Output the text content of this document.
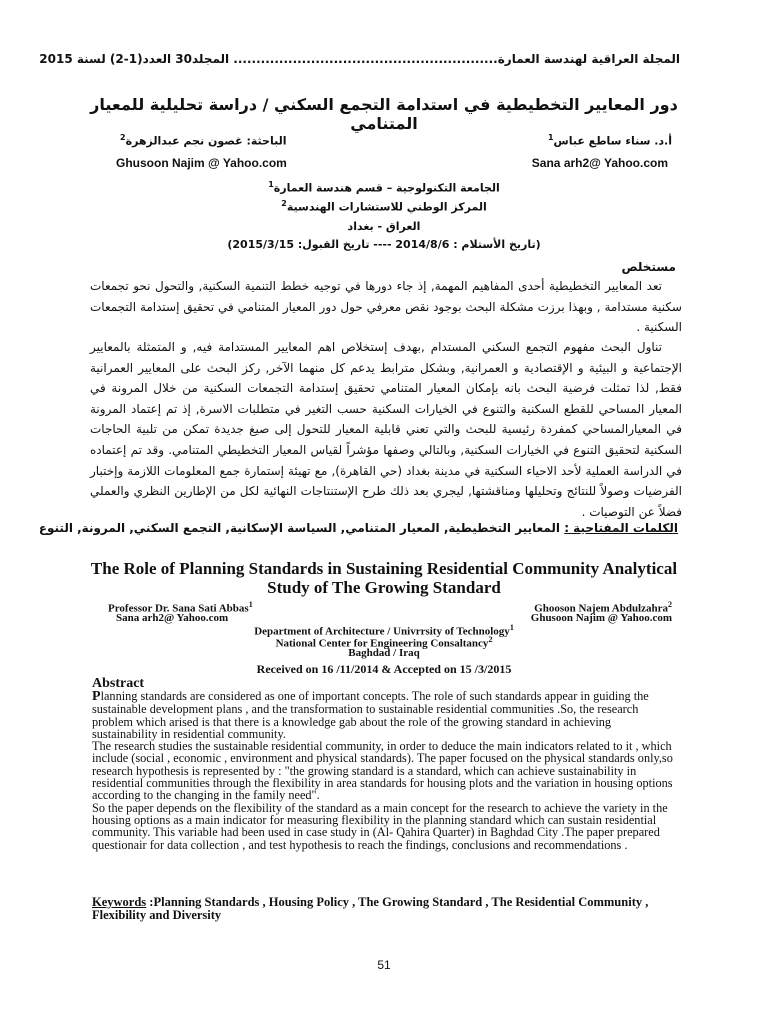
المجلة العراقية لهندسة العمارة.......................................................... المجلد30 العدد(1-2) لسنة 2015
دور المعايير التخطيطية في استدامة التجمع السكني / دراسة تحليلية للمعيار المتنامي
أ.د. سناء ساطع عباس$^1$
الباحثة: غصون نجم عبدالزهرة$^2$
Sana arh2@ Yahoo.com
Ghusoon Najim @ Yahoo.com
الجامعة التكنولوجية – قسم هندسة العمارة$^1$
المركز الوطني للاستشارات الهندسية$^2$
العراق - بغداد
(تاريخ الأستلام : 2014/8/6 ---- تاريخ القبول: 2015/3/15)
مستخلص
تعد المعايير التخطيطية أحدى المفاهيم المهمة, إذ جاء دورها في توجيه خطط التنمية السكنية, والتحول نحو تجمعات سكنية مستدامة , وبهذا برزت مشكلة البحث بوجود نقص معرفي حول دور المعيار المتنامي في تحقيق إستدامة التجمعات السكنية .
تناول البحث مفهوم التجمع السكني المستدام ,بهدف إستخلاص اهم المعايير المستدامة فيه, و المتمثلة بالمعايير الإجتماعية و البيئية و الإقتصادية و العمرانية, وبشكل مترابط يدعم كل منهما الآخر, ركز البحث على المعايير العمرانية فقط, لذا تمثلت فرضية البحث بانه بإمكان المعيار المتنامي تحقيق إستدامة التجمعات السكنية من خلال المرونة في المعيار المساحي للقطع السكنية والتنوع في الخيارات السكنية حسب التغير في متطلبات الاسرة, إذ تم إعتماد المرونة في المعيارالمساحي كمفردة رئيسية للبحث والتي تعني قابلية المعيار للتحول إلى صيغ جديدة تمكن من تلبية الحاجات السكنية لتحقيق التنوع في الخيارات السكنية, وبالتالي وصفها مؤشراً لقياس المعيار التخطيطي المتنامي. وقد تم إعتماده في الدراسة العملية لأحد الاحياء السكنية في مدينة بغداد (حي القاهرة), مع تهيئة إستمارة جمع المعلومات اللازمة وإختبار الفرضيات وصولاً للنتائج وتحليلها ومناقشتها, ليجري بعد ذلك طرح الإستنتاجات النهائية لكل من الإطارين النظري والعملي فضلاً عن التوصيات .
الكلمات المفتاحية : المعايير التخطيطية, المعيار المتنامي, السياسة الإسكانية, التجمع السكني, المرونة, التنوع
The Role of Planning Standards in Sustaining Residential Community Analytical Study of The Growing Standard
Professor Dr. Sana Sati Abbas$^1$	Ghooson Najem Abdulzahra$^2$
Sana arh2@ Yahoo.com	Ghusoon Najim @ Yahoo.com
Department of Architecture / Univrrsity of Technology$^1$
National Center for Engineering Consaltancy$^2$
Baghdad / Iraq
Received on 16 /11/2014 & Accepted on 15 /3/2015
Abstract

Planning standards are considered as one of important concepts. The role of such standards appear in guiding the sustainable development plans , and the transformation to sustainable residential communities .So, the research problem which arised is that there is a knowledge gab about the role of the growing standard in achieving sustainability in residential community.

The research studies the sustainable residential community, in order to deduce the main indicators related to it , which include (social , economic , environment and physical standards). The paper focused on the physical standards only,so research hypothesis is represented by : "the growing standard is a standard, which can achieve sustainability in residential communities through the flexibility in area standards for housing plots and the variation in housing options according to the changing in the family need".

So the paper depends on the flexibility of the standard as a main concept for the research to achieve the variety in the housing options as a main indicator for measuring flexibility in the planning standard which can sustain residential community. This variable had been used in case study in (Al- Qahira Quarter) in Baghdad City .The paper prepared questionair for data collection , and test hypothesis to reach the findings, conclusions and recommendations .

Keywords :Planning Standards , Housing Policy , The Growing Standard , The Residential Community , Flexibility and Diversity
51
